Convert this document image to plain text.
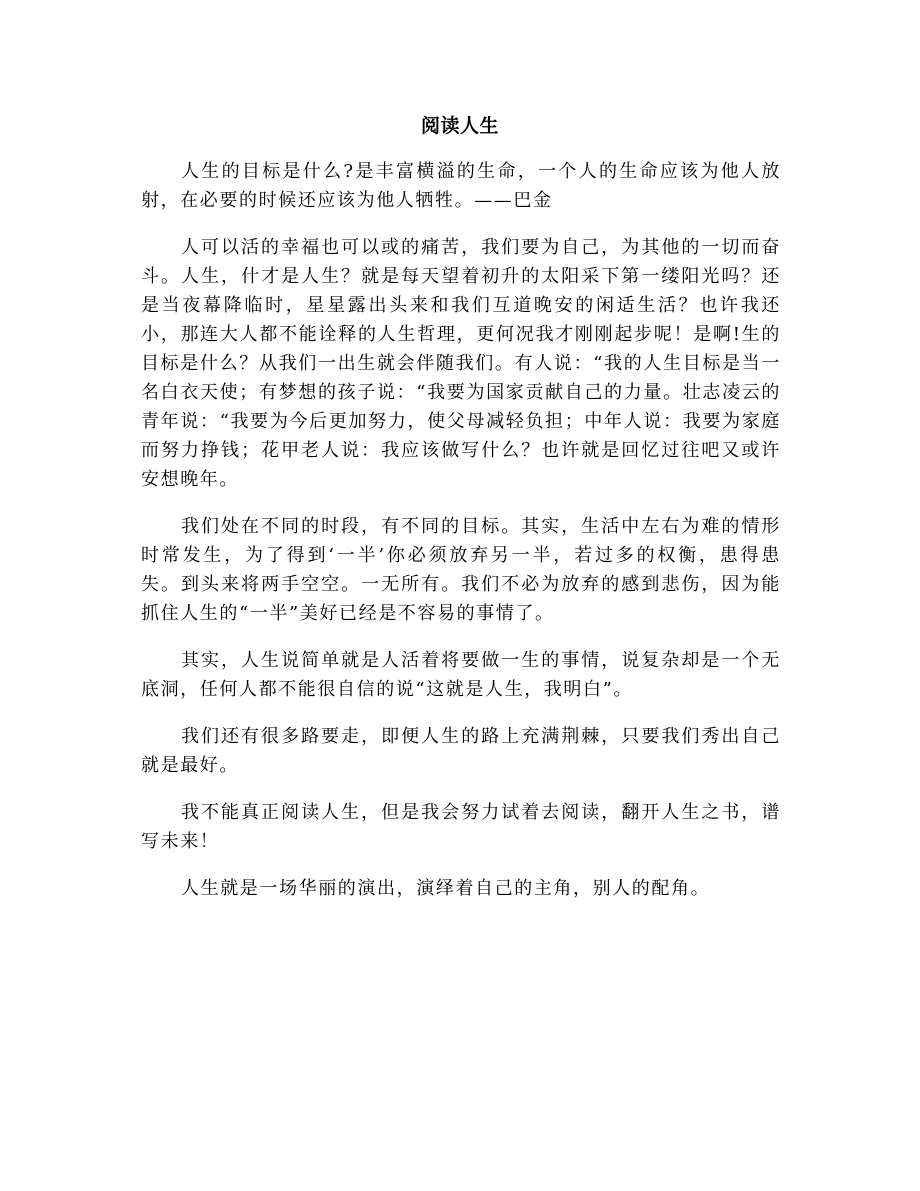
阅读人生

人生的目标是什么?是丰富横溢的生命，一个人的生命应该为他人放射，在必要的时候还应该为他人牺牲。——巴金

人可以活的幸福也可以或的痛苦，我们要为自己，为其他的一切而奋斗。人生，什才是人生？就是每天望着初升的太阳采下第一缕阳光吗？还是当夜幕降临时，星星露出头来和我们互道晚安的闲适生活？也许我还小，那连大人都不能诠释的人生哲理，更何况我才刚刚起步呢！是啊!生的目标是什么？从我们一出生就会伴随我们。有人说：“我的人生目标是当一名白衣天使；有梦想的孩子说：“我要为国家贡献自己的力量。壮志凌云的青年说：“我要为今后更加努力，使父母减轻负担；中年人说：我要为家庭而努力挣钱；花甲老人说：我应该做写什么？也许就是回忆过往吧又或许安想晚年。

我们处在不同的时段，有不同的目标。其实，生活中左右为难的情形时常发生，为了得到‘一半’你必须放弃另一半，若过多的权衡，患得患失。到头来将两手空空。一无所有。我们不必为放弃的感到悲伤，因为能抓住人生的“一半”美好已经是不容易的事情了。

其实，人生说简单就是人活着将要做一生的事情，说复杂却是一个无底洞，任何人都不能很自信的说“这就是人生，我明白”。

我们还有很多路要走，即便人生的路上充满荆棘，只要我们秀出自己就是最好。

我不能真正阅读人生，但是我会努力试着去阅读，翻开人生之书，谱写未来！

人生就是一场华丽的演出，演绎着自己的主角，别人的配角。
